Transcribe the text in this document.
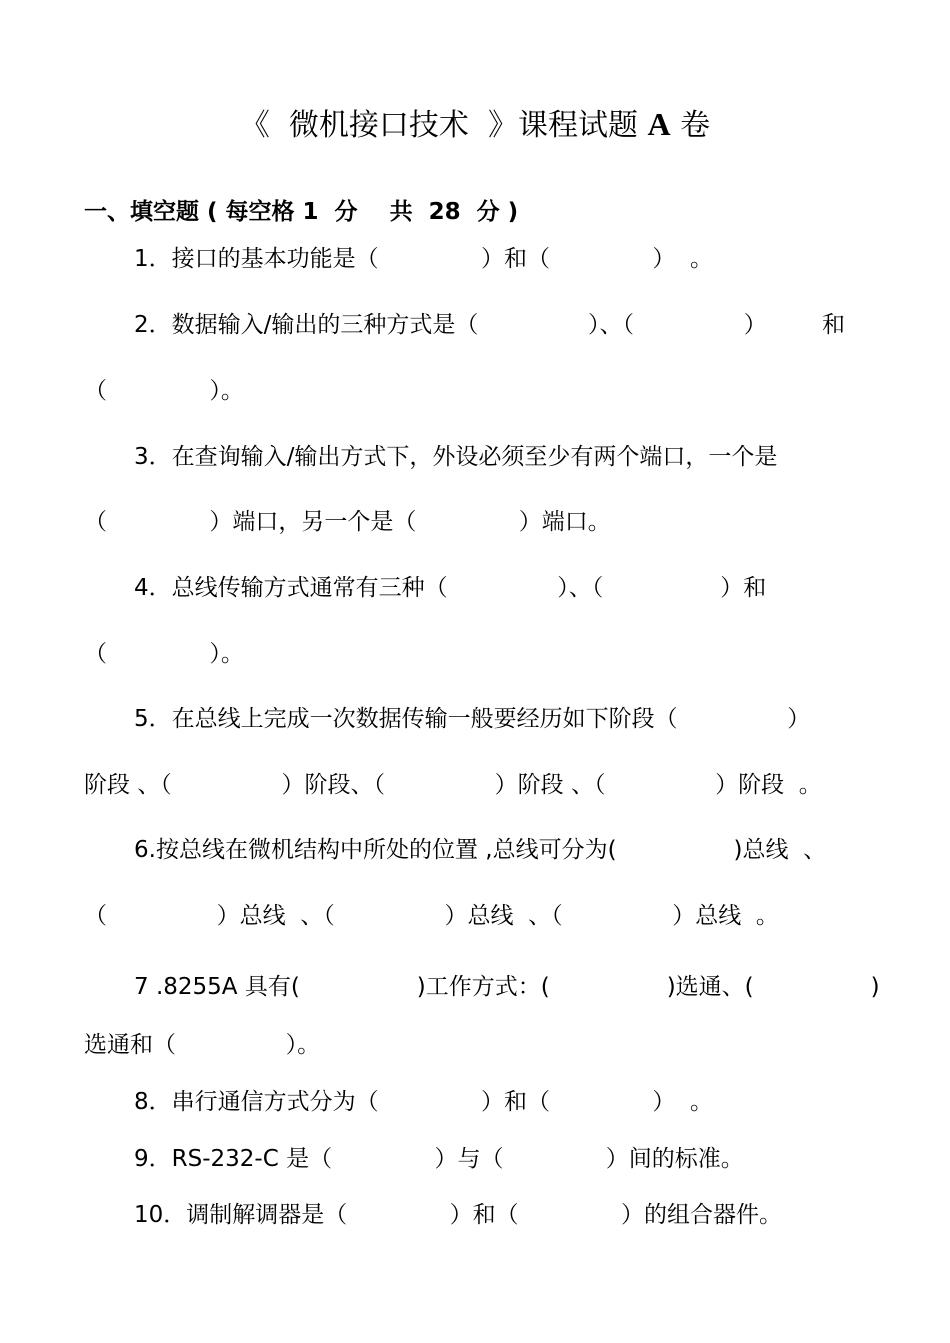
《  微机接口技术  》课程试题 A 卷
一、填空题 ( 每空格 1  分    共  28  分 )
1．接口的基本功能是（              ）和（              ）  。
2．数据输入/输出的三种方式是（               ）、（               ） 和
（              ）。
3．在查询输入/输出方式下，外设必须至少有两个端口，一个是
（              ）端口，另一个是（              ）端口。
4．总线传输方式通常有三种（               ）、（                ）和
（              ）。
5．在总线上完成一次数据传输一般要经历如下阶段（               ）
阶段 、（               ）阶段、（               ）阶段 、（               ）阶段  。
6.按总线在微机结构中所处的位置 ,总线可分为(                )总线  、
（               ）总线  、（               ）总线  、（               ）总线  。
7 .8255A 具有(                )工作方式：(                )选通、(                )
选通和（               ）。
8．串行通信方式分为（              ）和（              ）  。
9．RS-232-C 是（              ）与（              ）间的标准。
10．调制解调器是（              ）和（              ）的组合器件。
